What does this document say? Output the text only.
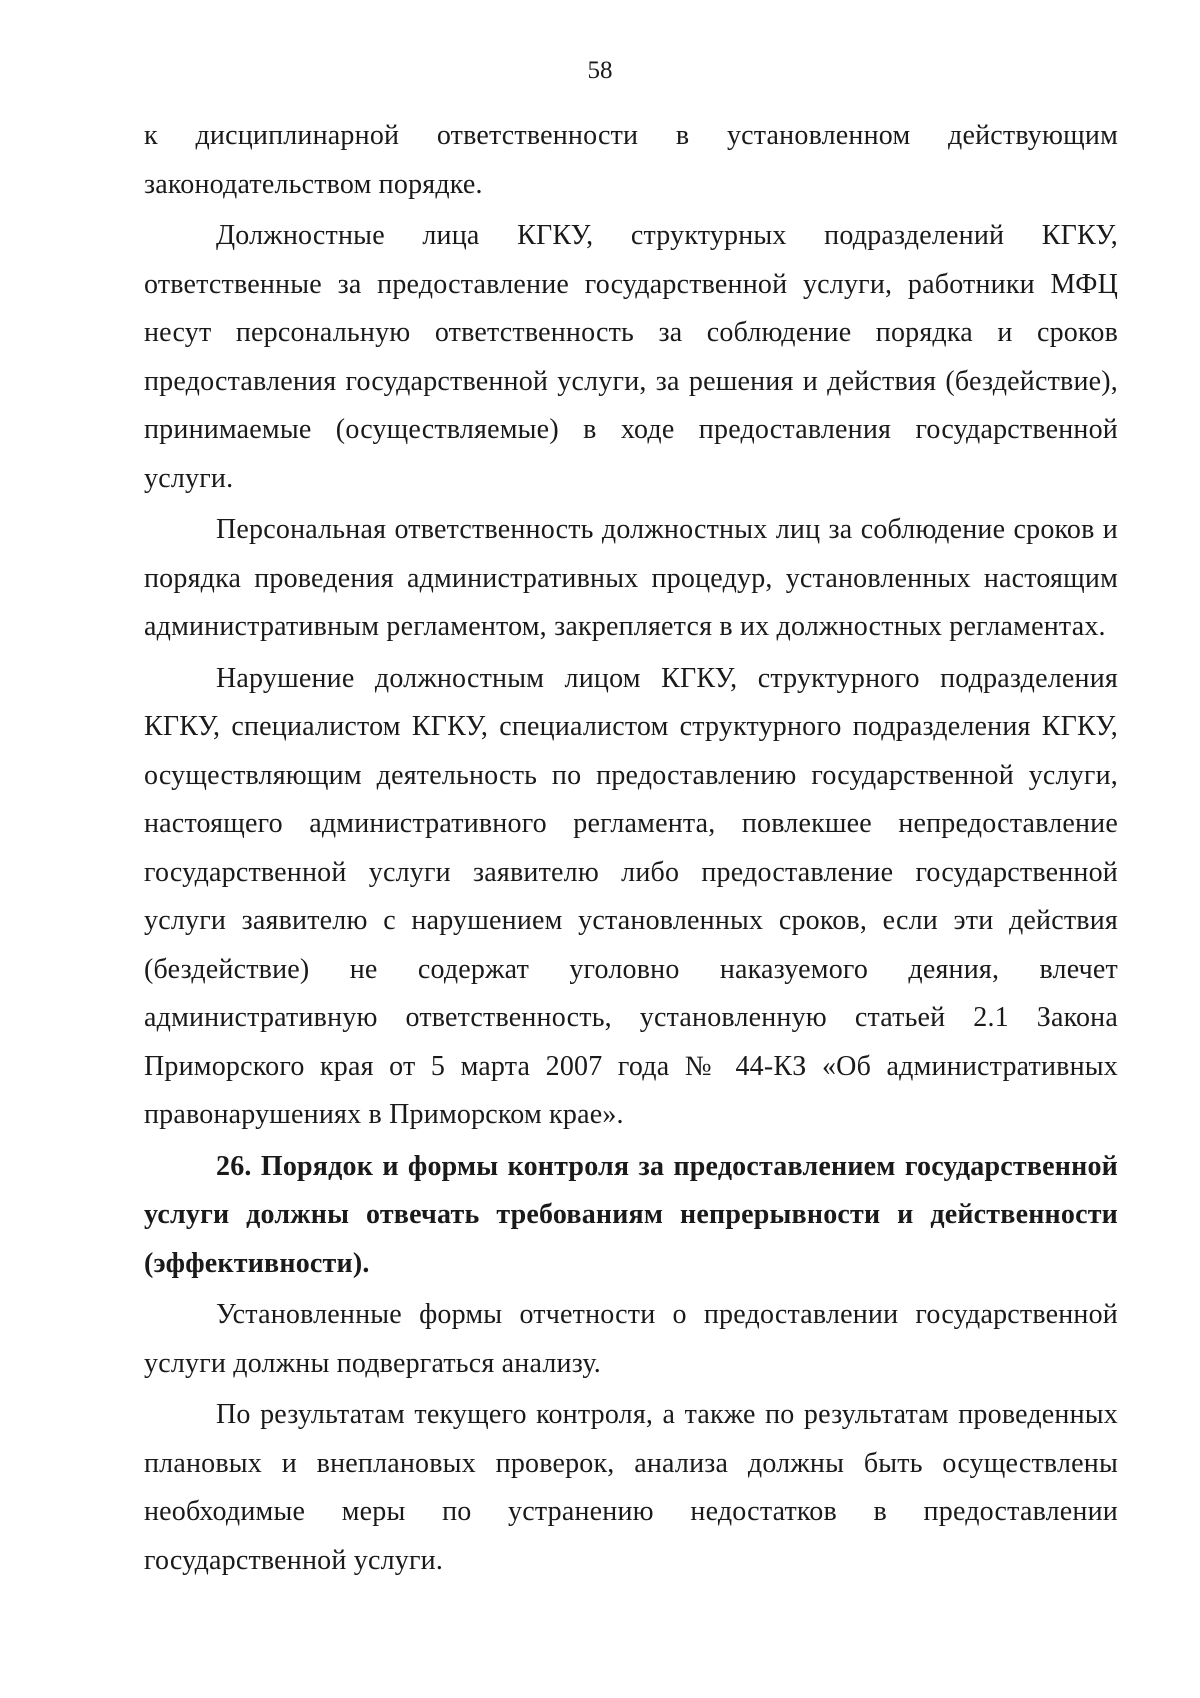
58

к дисциплинарной ответственности в установленном действующим законодательством порядке.

Должностные лица КГКУ, структурных подразделений КГКУ, ответственные за предоставление государственной услуги, работники МФЦ несут персональную ответственность за соблюдение порядка и сроков предоставления государственной услуги, за решения и действия (бездействие), принимаемые (осуществляемые) в ходе предоставления государственной услуги.

Персональная ответственность должностных лиц за соблюдение сроков и порядка проведения административных процедур, установленных настоящим административным регламентом, закрепляется в их должностных регламентах.

Нарушение должностным лицом КГКУ, структурного подразделения КГКУ, специалистом КГКУ, специалистом структурного подразделения КГКУ, осуществляющим деятельность по предоставлению государственной услуги, настоящего административного регламента, повлекшее непредоставление государственной услуги заявителю либо предоставление государственной услуги заявителю с нарушением установленных сроков, если эти действия (бездействие) не содержат уголовно наказуемого деяния, влечет административную ответственность, установленную статьей 2.1 Закона Приморского края от 5 марта 2007 года № 44-КЗ «Об административных правонарушениях в Приморском крае».

26. Порядок и формы контроля за предоставлением государственной услуги должны отвечать требованиям непрерывности и действенности (эффективности).

Установленные формы отчетности о предоставлении государственной услуги должны подвергаться анализу.

По результатам текущего контроля, а также по результатам проведенных плановых и внеплановых проверок, анализа должны быть осуществлены необходимые меры по устранению недостатков в предоставлении государственной услуги.
